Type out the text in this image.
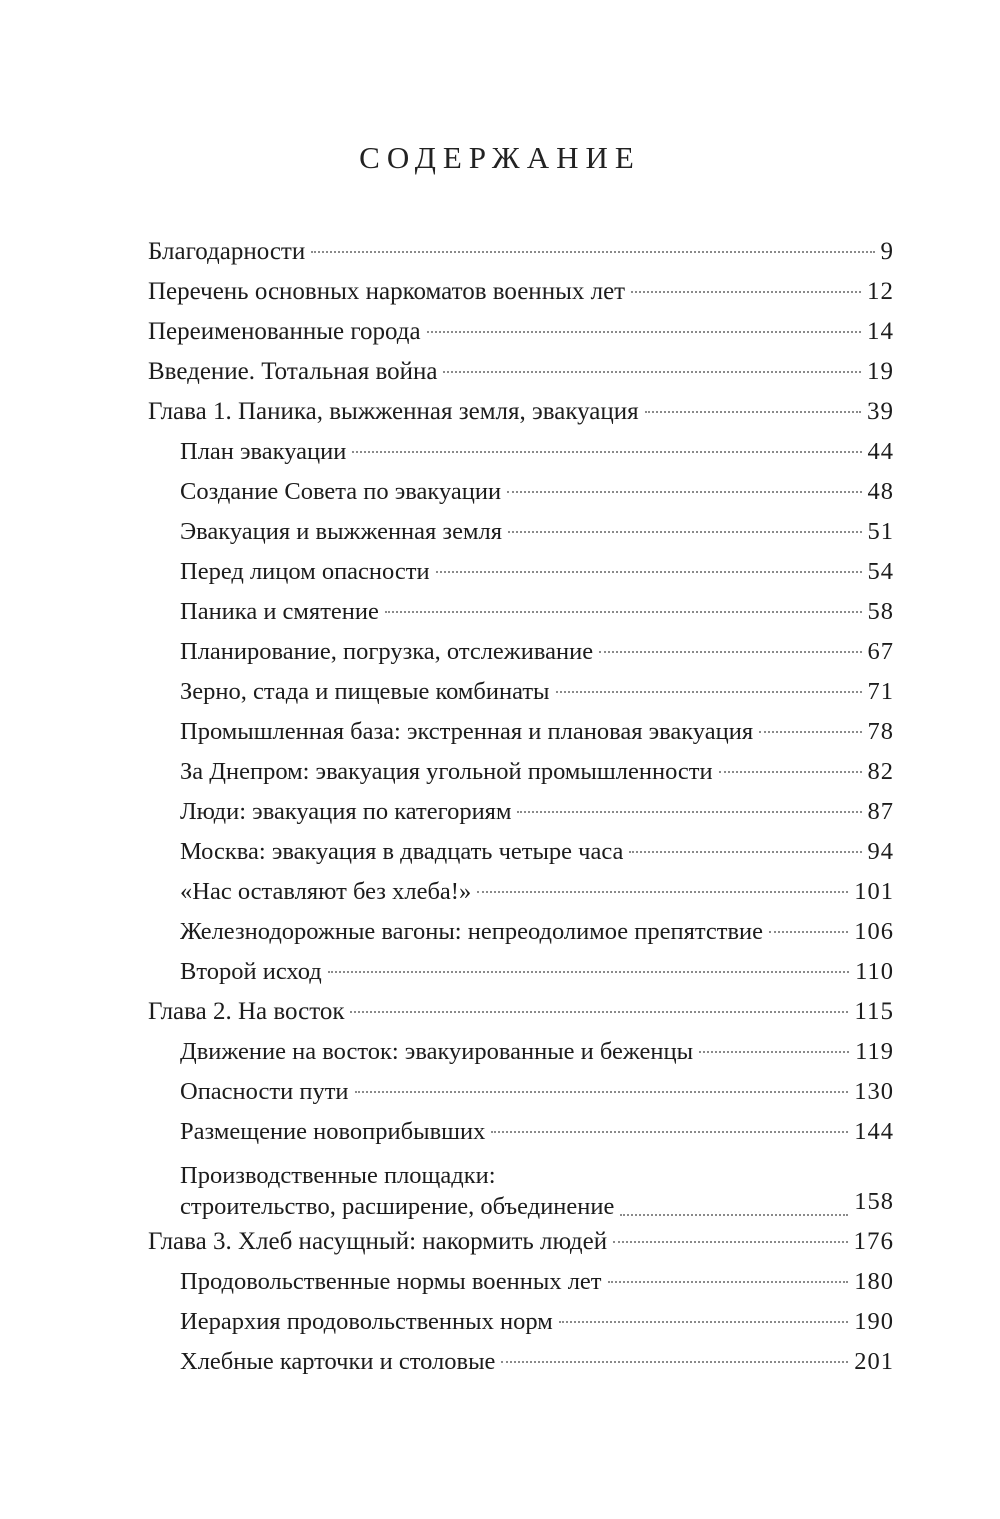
СОДЕРЖАНИЕ
Благодарности	9
Перечень основных наркоматов военных лет	12
Переименованные города	14
Введение. Тотальная война	19
Глава 1. Паника, выжженная земля, эвакуация	39
План эвакуации	44
Создание Совета по эвакуации	48
Эвакуация и выжженная земля	51
Перед лицом опасности	54
Паника и смятение	58
Планирование, погрузка, отслеживание	67
Зерно, стада и пищевые комбинаты	71
Промышленная база: экстренная и плановая эвакуация	78
За Днепром: эвакуация угольной промышленности	82
Люди: эвакуация по категориям	87
Москва: эвакуация в двадцать четыре часа	94
«Нас оставляют без хлеба!»	101
Железнодорожные вагоны: непреодолимое препятствие	106
Второй исход	110
Глава 2. На восток	115
Движение на восток: эвакуированные и беженцы	119
Опасности пути	130
Размещение новоприбывших	144
Производственные площадки:
строительство, расширение, объединение	158
Глава 3. Хлеб насущный: накормить людей	176
Продовольственные нормы военных лет	180
Иерархия продовольственных норм	190
Хлебные карточки и столовые	201
